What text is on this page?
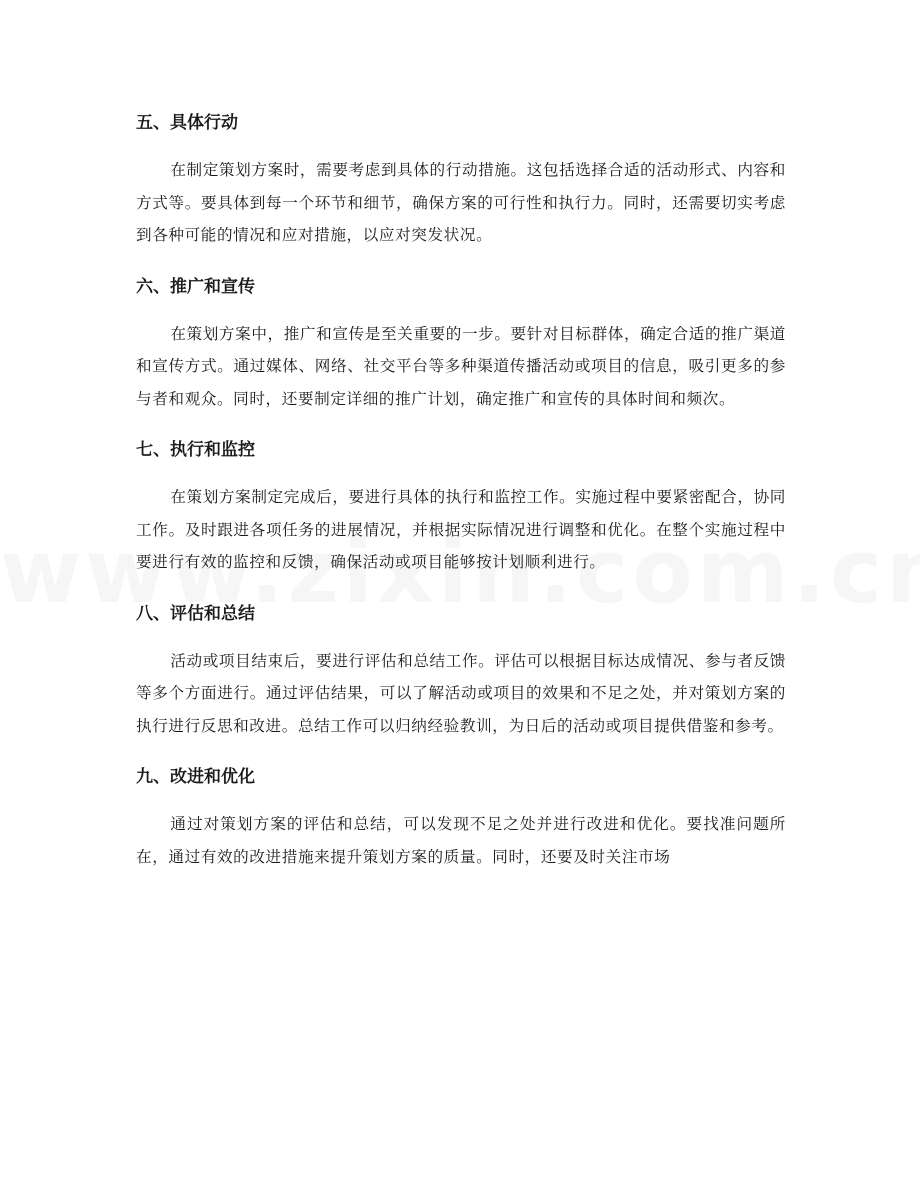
五、具体行动

在制定策划方案时，需要考虑到具体的行动措施。这包括选择合适的活动形式、内容和方式等。要具体到每一个环节和细节，确保方案的可行性和执行力。同时，还需要切实考虑到各种可能的情况和应对措施，以应对突发状况。

六、推广和宣传

在策划方案中，推广和宣传是至关重要的一步。要针对目标群体，确定合适的推广渠道和宣传方式。通过媒体、网络、社交平台等多种渠道传播活动或项目的信息，吸引更多的参与者和观众。同时，还要制定详细的推广计划，确定推广和宣传的具体时间和频次。

七、执行和监控

在策划方案制定完成后，要进行具体的执行和监控工作。实施过程中要紧密配合，协同工作。及时跟进各项任务的进展情况，并根据实际情况进行调整和优化。在整个实施过程中要进行有效的监控和反馈，确保活动或项目能够按计划顺利进行。

八、评估和总结

活动或项目结束后，要进行评估和总结工作。评估可以根据目标达成情况、参与者反馈等多个方面进行。通过评估结果，可以了解活动或项目的效果和不足之处，并对策划方案的执行进行反思和改进。总结工作可以归纳经验教训，为日后的活动或项目提供借鉴和参考。

九、改进和优化

通过对策划方案的评估和总结，可以发现不足之处并进行改进和优化。要找准问题所在，通过有效的改进措施来提升策划方案的质量。同时，还要及时关注市场
